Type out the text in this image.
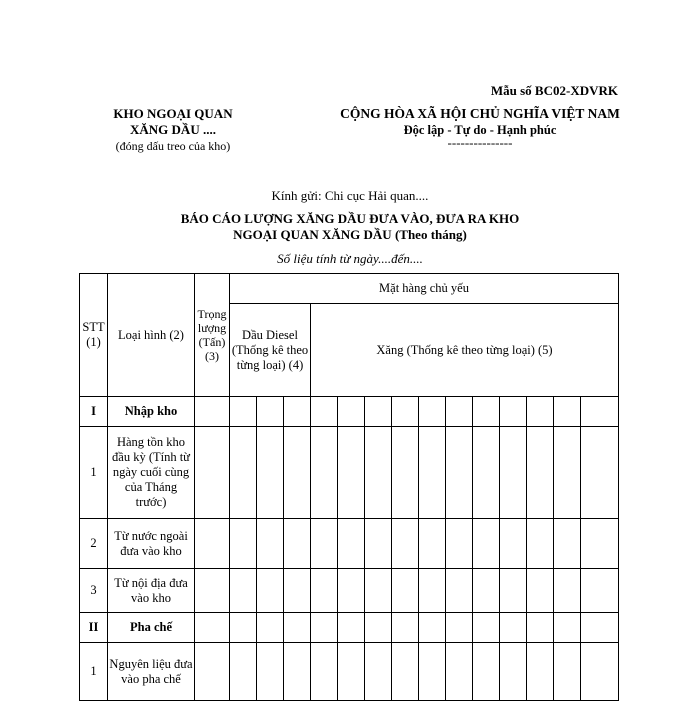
Mẫu số BC02-XDVRK
KHO NGOẠI QUAN
XĂNG DẦU ....
(đóng dấu treo của kho)
CỘNG HÒA XÃ HỘI CHỦ NGHĨA VIỆT NAM
Độc lập - Tự do - Hạnh phúc
---------------
Kính gửi: Chi cục Hải quan....
BÁO CÁO LƯỢNG XĂNG DẦU ĐƯA VÀO, ĐƯA RA KHO
NGOẠI QUAN XĂNG DẦU (Theo tháng)
Số liệu tính từ ngày....đến....
STT (1)	Loại hình (2)	Trọng lượng (Tấn) (3)	Mặt hàng chủ yếu													
			Dầu Diesel (Thống kê theo từng loại) (4)			Xăng (Thống kê theo từng loại) (5)										
I	Nhập kho															
1	Hàng tồn kho đầu kỳ (Tính từ ngày cuối cùng của Tháng trước)															
2	Từ nước ngoài đưa vào kho															
3	Từ nội địa đưa vào kho															
II	Pha chế															
1	Nguyên liệu đưa vào pha chế															
